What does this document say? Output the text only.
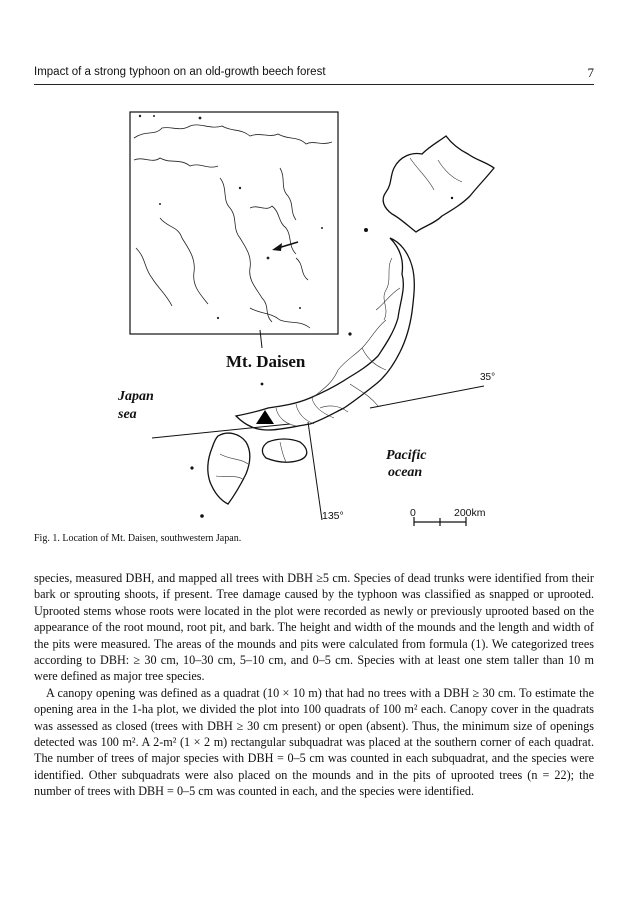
Impact of a strong typhoon on an old-growth beech forest	7
Mt. Daisen
Japan
sea
Pacific
ocean
35°
135°	0	200km
Fig. 1. Location of Mt. Daisen, southwestern Japan.

species, measured DBH, and mapped all trees with DBH ≥5 cm. Species of dead trunks were identified from their bark or sprouting shoots, if present. Tree damage caused by the typhoon was classified as snapped or uprooted. Uprooted stems whose roots were located in the plot were recorded as newly or previously uprooted based on the appearance of the root mound, root pit, and bark. The height and width of the mounds and the length and width of the pits were measured. The areas of the mounds and pits were calculated from formula (1). We categorized trees according to DBH: ≥ 30 cm, 10–30 cm, 5–10 cm, and 0–5 cm. Species with at least one stem taller than 10 m were defined as major tree species.

A canopy opening was defined as a quadrat (10 × 10 m) that had no trees with a DBH ≥ 30 cm. To estimate the opening area in the 1-ha plot, we divided the plot into 100 quadrats of 100 m² each. Canopy cover in the quadrats was assessed as closed (trees with DBH ≥ 30 cm present) or open (absent). Thus, the minimum size of openings detected was 100 m². A 2-m² (1 × 2 m) rectangular subquadrat was placed at the southern corner of each quadrat. The number of trees of major species with DBH = 0–5 cm was counted in each subquadrat, and the species were identified. Other subquadrats were also placed on the mounds and in the pits of uprooted trees (n = 22); the number of trees with DBH = 0–5 cm was counted in each, and the species were identified.
